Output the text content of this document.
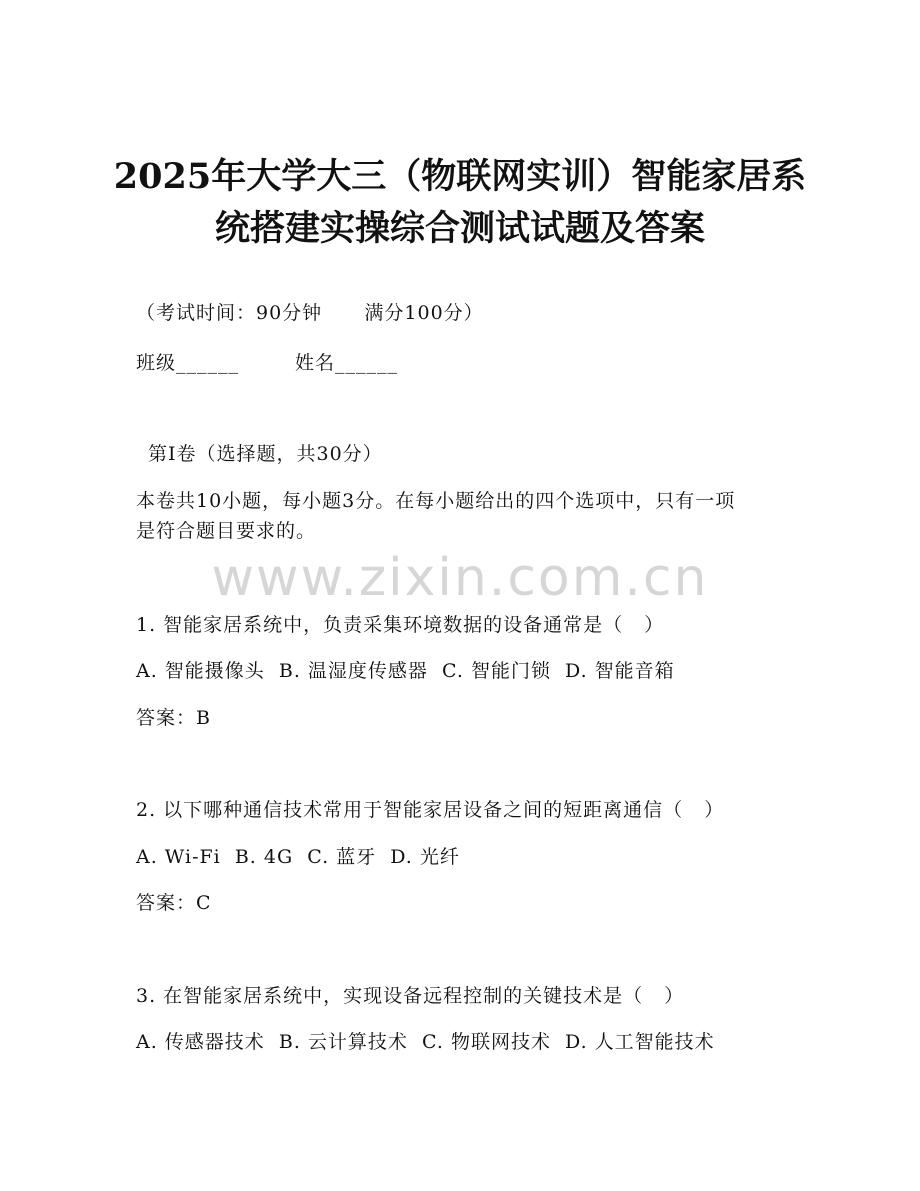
2025年大学大三（物联网实训）智能家居系
统搭建实操综合测试试题及答案
（考试时间：90分钟      满分100分）
班级______	姓名______
第I卷（选择题，共30分）
本卷共10小题，每小题3分。在每小题给出的四个选项中，只有一项
是符合题目要求的。
www.zixin.com.cn
1. 智能家居系统中，负责采集环境数据的设备通常是（   ）
A. 智能摄像头  B. 温湿度传感器  C. 智能门锁  D. 智能音箱
答案：B
2. 以下哪种通信技术常用于智能家居设备之间的短距离通信（   ）
A. Wi-Fi  B. 4G  C. 蓝牙  D. 光纤
答案：C
3. 在智能家居系统中，实现设备远程控制的关键技术是（   ）
A. 传感器技术  B. 云计算技术  C. 物联网技术  D. 人工智能技术
